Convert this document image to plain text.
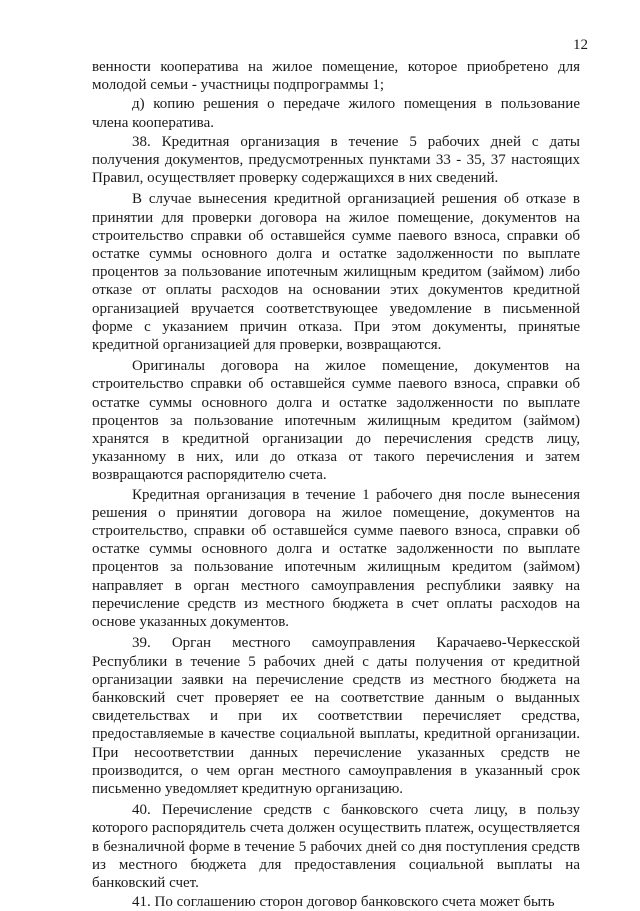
12

венности кооператива на жилое помещение, которое приобретено для молодой семьи - участницы подпрограммы 1;

д) копию решения о передаче жилого помещения в пользование члена кооператива.

38. Кредитная организация в течение 5 рабочих дней с даты получения документов, предусмотренных пунктами 33 - 35, 37 настоящих Правил, осуществляет проверку содержащихся в них сведений.

В случае вынесения кредитной организацией решения об отказе в принятии для проверки договора на жилое помещение, документов на строительство справки об оставшейся сумме паевого взноса, справки об остатке суммы основного долга и остатке задолженности по выплате процентов за пользование ипотечным жилищным кредитом (займом) либо отказе от оплаты расходов на основании этих документов кредитной организацией вручается соответствующее уведомление в письменной форме с указанием причин отказа. При этом документы, принятые кредитной организацией для проверки, возвращаются.

Оригиналы договора на жилое помещение, документов на строительство справки об оставшейся сумме паевого взноса, справки об остатке суммы основного долга и остатке задолженности по выплате процентов за пользование ипотечным жилищным кредитом (займом) хранятся в кредитной организации до перечисления средств лицу, указанному в них, или до отказа от такого перечисления и затем возвращаются распорядителю счета.

Кредитная организация в течение 1 рабочего дня после вынесения решения о принятии договора на жилое помещение, документов на строительство, справки об оставшейся сумме паевого взноса, справки об остатке суммы основного долга и остатке задолженности по выплате процентов за пользование ипотечным жилищным кредитом (займом) направляет в орган местного самоуправления республики заявку на перечисление средств из местного бюджета в счет оплаты расходов на основе указанных документов.

39. Орган местного самоуправления Карачаево-Черкесской Республики в течение 5 рабочих дней с даты получения от кредитной организации заявки на перечисление средств из местного бюджета на банковский счет проверяет ее на соответствие данным о выданных свидетельствах и при их соответствии перечисляет средства, предоставляемые в качестве социальной выплаты, кредитной организации. При несоответствии данных перечисление указанных средств не производится, о чем орган местного самоуправления в указанный срок письменно уведомляет кредитную организацию.

40. Перечисление средств с банковского счета лицу, в пользу которого распорядитель счета должен осуществить платеж, осуществляется в безналичной форме в течение 5 рабочих дней со дня поступления средств из местного бюджета для предоставления социальной выплаты на банковский счет.

41. По соглашению сторон договор банковского счета может быть
